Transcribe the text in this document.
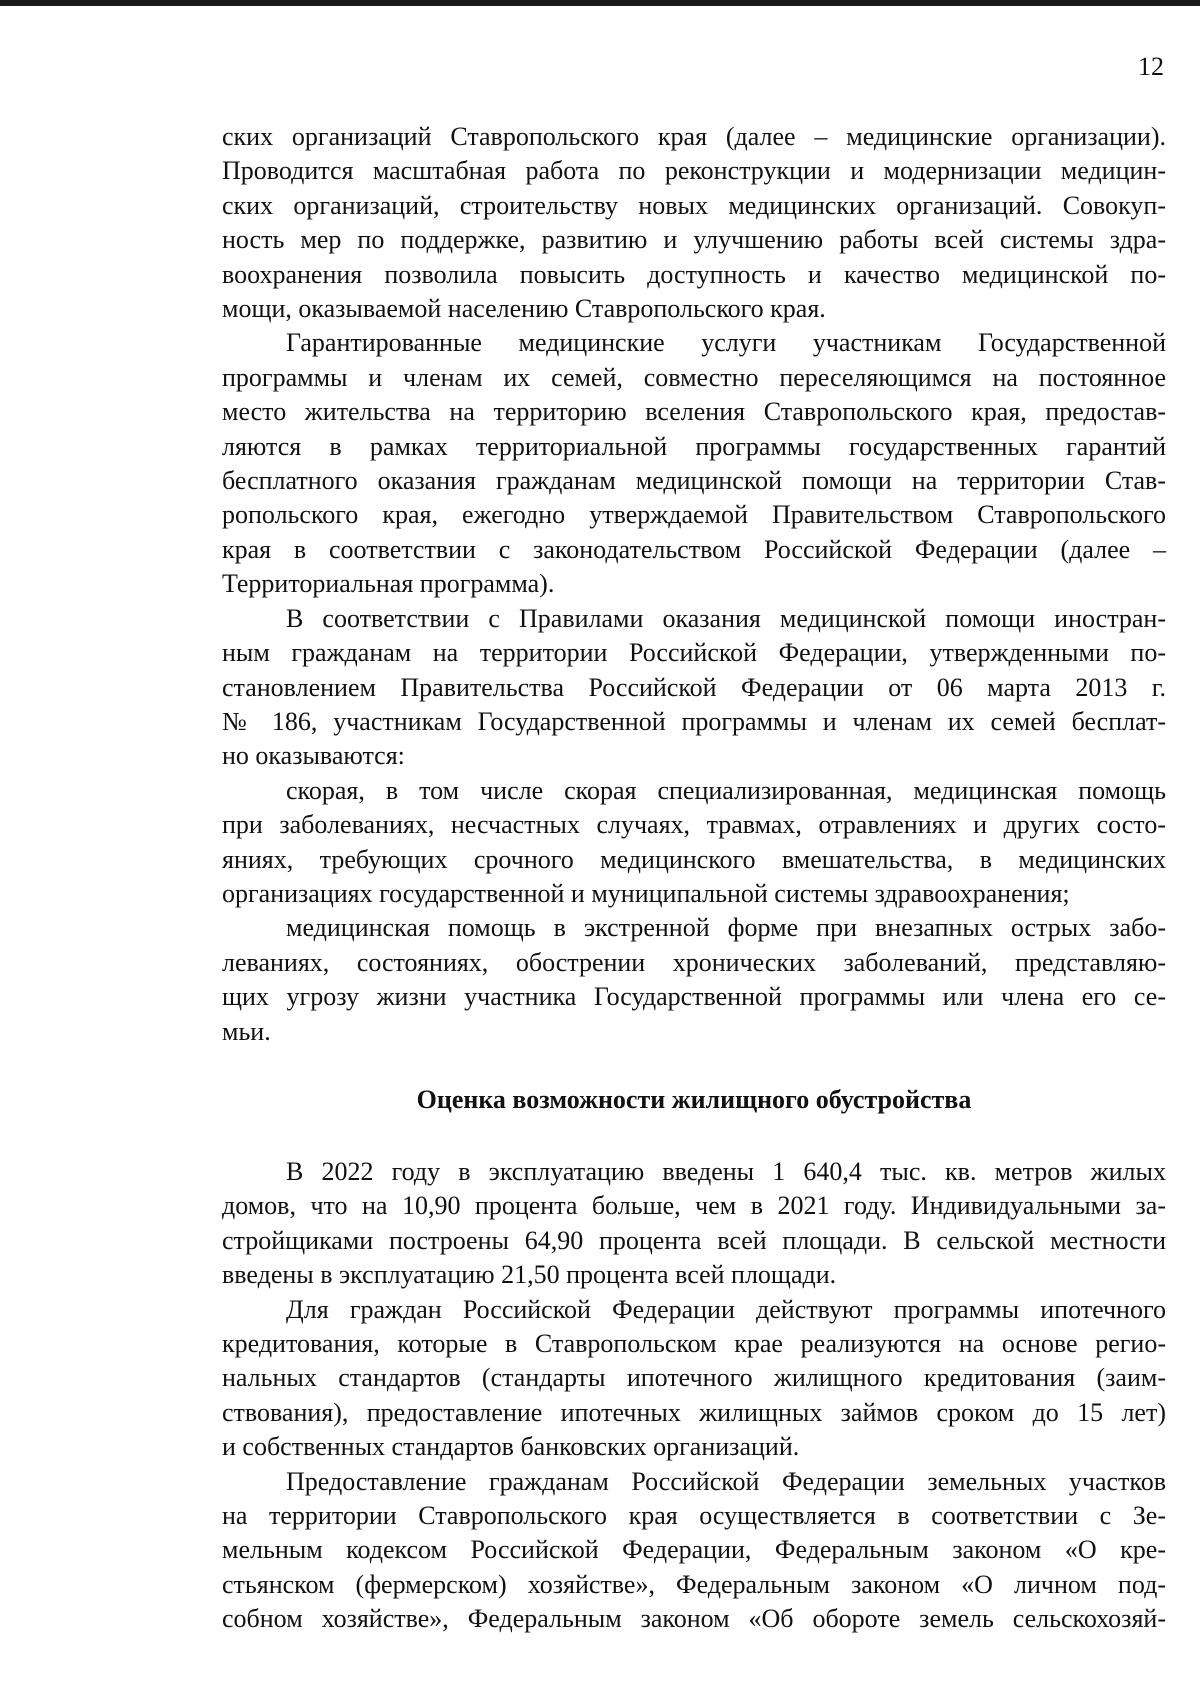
12

ских организаций Ставропольского края (далее – медицинские организации).
Проводится масштабная работа по реконструкции и модернизации медицин-
ских организаций, строительству новых медицинских организаций. Совокуп-
ность мер по поддержке, развитию и улучшению работы всей системы здра-
воохранения позволила повысить доступность и качество медицинской по-
мощи, оказываемой населению Ставропольского края.

Гарантированные медицинские услуги участникам Государственной
программы и членам их семей, совместно переселяющимся на постоянное
место жительства на территорию вселения Ставропольского края, предостав-
ляются в рамках территориальной программы государственных гарантий
бесплатного оказания гражданам медицинской помощи на территории Став-
ропольского края, ежегодно утверждаемой Правительством Ставропольского
края в соответствии с законодательством Российской Федерации (далее –
Территориальная программа).

В соответствии с Правилами оказания медицинской помощи иностран-
ным гражданам на территории Российской Федерации, утвержденными по-
становлением Правительства Российской Федерации от 06 марта 2013 г.
№ 186, участникам Государственной программы и членам их семей бесплат-
но оказываются:

скорая, в том числе скорая специализированная, медицинская помощь
при заболеваниях, несчастных случаях, травмах, отравлениях и других состо-
яниях, требующих срочного медицинского вмешательства, в медицинских
организациях государственной и муниципальной системы здравоохранения;

медицинская помощь в экстренной форме при внезапных острых забо-
леваниях, состояниях, обострении хронических заболеваний, представляю-
щих угрозу жизни участника Государственной программы или члена его се-
мьи.

Оценка возможности жилищного обустройства

В 2022 году в эксплуатацию введены 1 640,4 тыс. кв. метров жилых
домов, что на 10,90 процента больше, чем в 2021 году. Индивидуальными за-
стройщиками построены 64,90 процента всей площади. В сельской местности
введены в эксплуатацию 21,50 процента всей площади.

Для граждан Российской Федерации действуют программы ипотечного
кредитования, которые в Ставропольском крае реализуются на основе регио-
нальных стандартов (стандарты ипотечного жилищного кредитования (заим-
ствования), предоставление ипотечных жилищных займов сроком до 15 лет)
и собственных стандартов банковских организаций.

Предоставление гражданам Российской Федерации земельных участков
на территории Ставропольского края осуществляется в соответствии с Зе-
мельным кодексом Российской Федерации, Федеральным законом «О кре-
стьянском (фермерском) хозяйстве», Федеральным законом «О личном под-
собном хозяйстве», Федеральным законом «Об обороте земель сельскохозяй-
